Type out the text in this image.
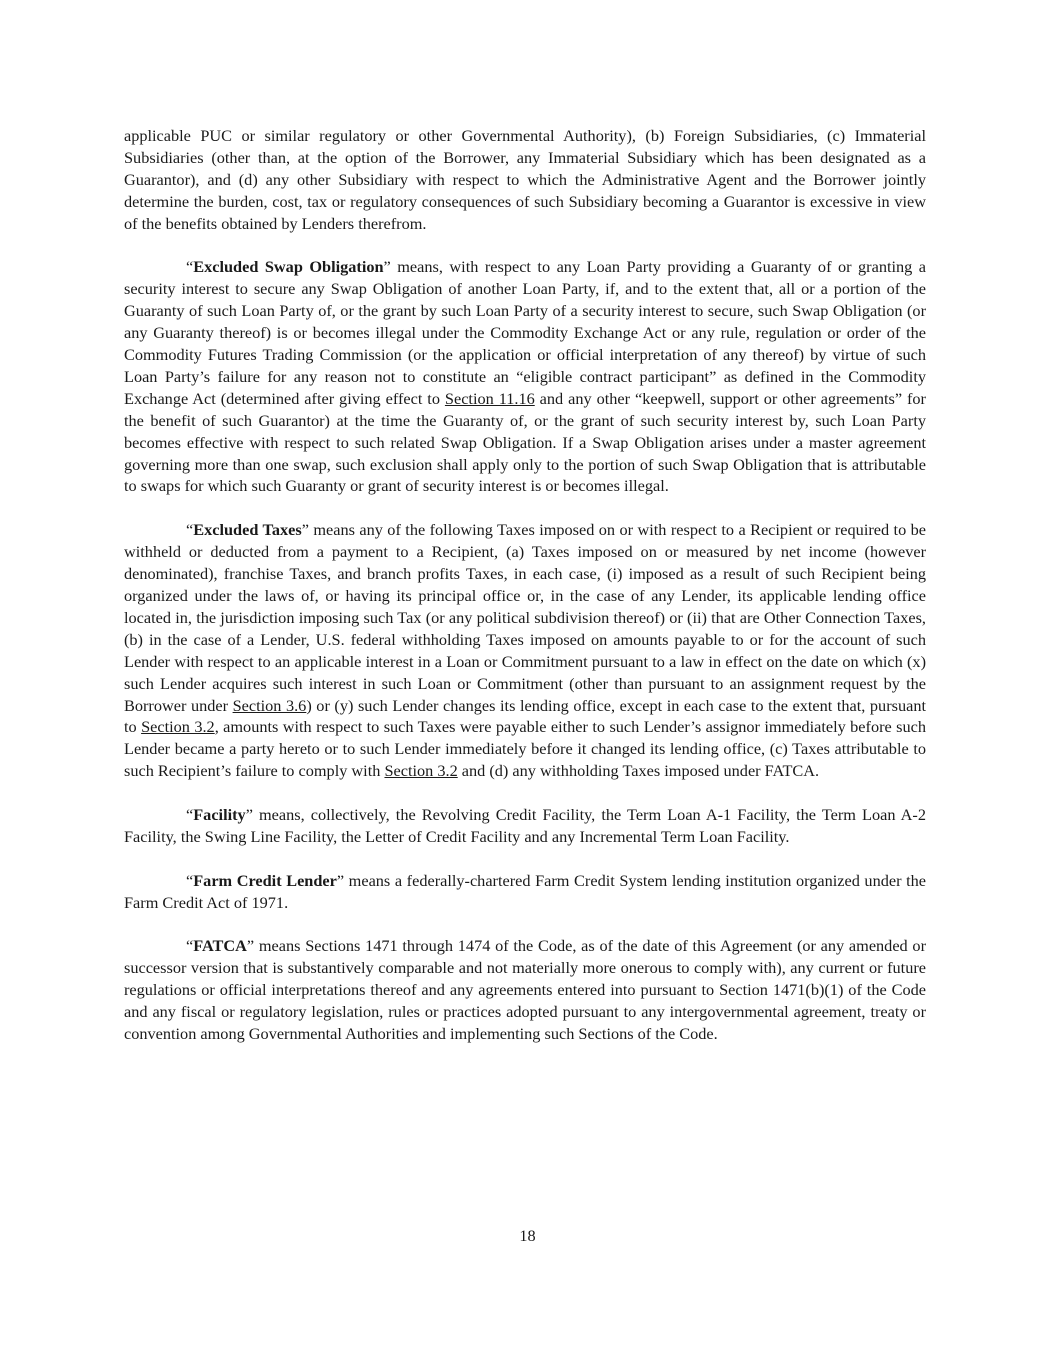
applicable PUC or similar regulatory or other Governmental Authority), (b) Foreign Subsidiaries, (c) Immaterial Subsidiaries (other than, at the option of the Borrower, any Immaterial Subsidiary which has been designated as a Guarantor), and (d) any other Subsidiary with respect to which the Administrative Agent and the Borrower jointly determine the burden, cost, tax or regulatory consequences of such Subsidiary becoming a Guarantor is excessive in view of the benefits obtained by Lenders therefrom.

“Excluded Swap Obligation” means, with respect to any Loan Party providing a Guaranty of or granting a security interest to secure any Swap Obligation of another Loan Party, if, and to the extent that, all or a portion of the Guaranty of such Loan Party of, or the grant by such Loan Party of a security interest to secure, such Swap Obligation (or any Guaranty thereof) is or becomes illegal under the Commodity Exchange Act or any rule, regulation or order of the Commodity Futures Trading Commission (or the application or official interpretation of any thereof) by virtue of such Loan Party’s failure for any reason not to constitute an “eligible contract participant” as defined in the Commodity Exchange Act (determined after giving effect to Section 11.16 and any other “keepwell, support or other agreements” for the benefit of such Guarantor) at the time the Guaranty of, or the grant of such security interest by, such Loan Party becomes effective with respect to such related Swap Obligation. If a Swap Obligation arises under a master agreement governing more than one swap, such exclusion shall apply only to the portion of such Swap Obligation that is attributable to swaps for which such Guaranty or grant of security interest is or becomes illegal.

“Excluded Taxes” means any of the following Taxes imposed on or with respect to a Recipient or required to be withheld or deducted from a payment to a Recipient, (a) Taxes imposed on or measured by net income (however denominated), franchise Taxes, and branch profits Taxes, in each case, (i) imposed as a result of such Recipient being organized under the laws of, or having its principal office or, in the case of any Lender, its applicable lending office located in, the jurisdiction imposing such Tax (or any political subdivision thereof) or (ii) that are Other Connection Taxes, (b) in the case of a Lender, U.S. federal withholding Taxes imposed on amounts payable to or for the account of such Lender with respect to an applicable interest in a Loan or Commitment pursuant to a law in effect on the date on which (x) such Lender acquires such interest in such Loan or Commitment (other than pursuant to an assignment request by the Borrower under Section 3.6) or (y) such Lender changes its lending office, except in each case to the extent that, pursuant to Section 3.2, amounts with respect to such Taxes were payable either to such Lender’s assignor immediately before such Lender became a party hereto or to such Lender immediately before it changed its lending office, (c) Taxes attributable to such Recipient’s failure to comply with Section 3.2 and (d) any withholding Taxes imposed under FATCA.

“Facility” means, collectively, the Revolving Credit Facility, the Term Loan A-1 Facility, the Term Loan A-2 Facility, the Swing Line Facility, the Letter of Credit Facility and any Incremental Term Loan Facility.

“Farm Credit Lender” means a federally-chartered Farm Credit System lending institution organized under the Farm Credit Act of 1971.

“FATCA” means Sections 1471 through 1474 of the Code, as of the date of this Agreement (or any amended or successor version that is substantively comparable and not materially more onerous to comply with), any current or future regulations or official interpretations thereof and any agreements entered into pursuant to Section 1471(b)(1) of the Code and any fiscal or regulatory legislation, rules or practices adopted pursuant to any intergovernmental agreement, treaty or convention among Governmental Authorities and implementing such Sections of the Code.

18
